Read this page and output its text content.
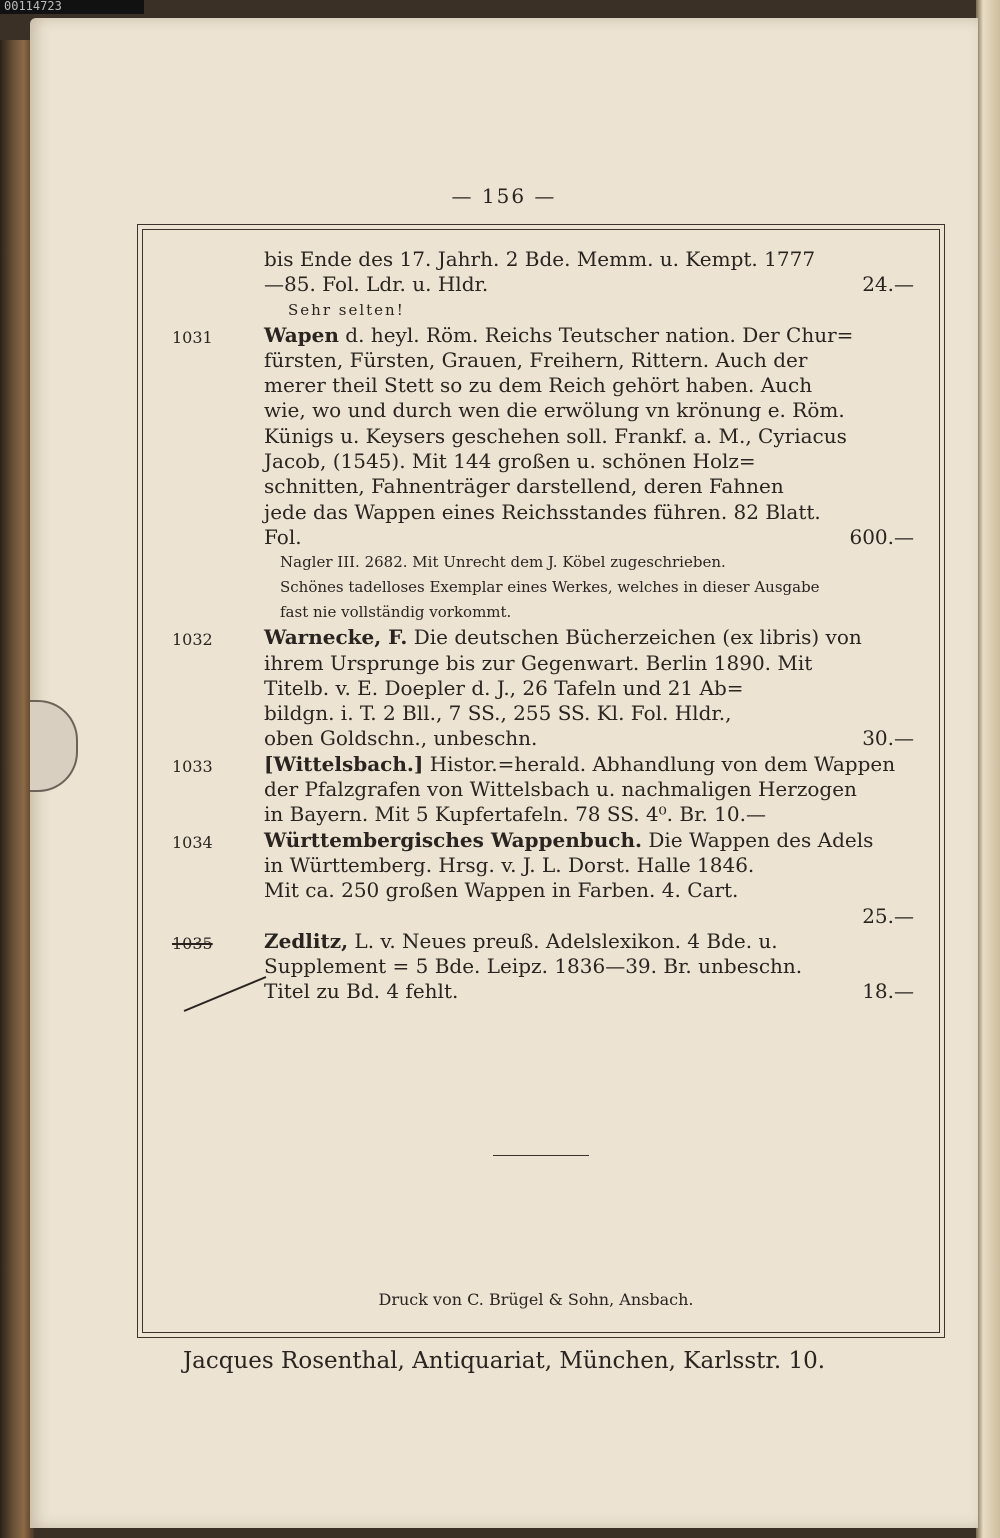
00114723
— 156 —
bis Ende des 17. Jahrh. 2 Bde. Memm. u. Kempt. 1777
—85. Fol. Ldr. u. Hldr.	24.—
Sehr selten!
1031	Wapen d. heyl. Röm. Reichs Teutscher nation. Der Chur=
fürsten, Fürsten, Grauen, Freihern, Rittern. Auch der
merer theil Stett so zu dem Reich gehört haben. Auch
wie, wo und durch wen die erwölung vn krönung e. Röm.
Künigs u. Keysers geschehen soll. Frankf. a. M., Cyriacus
Jacob, (1545). Mit 144 großen u. schönen Holz=
schnitten, Fahnenträger darstellend, deren Fahnen
jede das Wappen eines Reichsstandes führen. 82 Blatt.
Fol.	600.—
Nagler III. 2682. Mit Unrecht dem J. Köbel zugeschrieben.
Schönes tadelloses Exemplar eines Werkes, welches in dieser Ausgabe
fast nie vollständig vorkommt.
1032	Warnecke, F. Die deutschen Bücherzeichen (ex libris) von
ihrem Ursprunge bis zur Gegenwart. Berlin 1890. Mit
Titelb. v. E. Doepler d. J., 26 Tafeln und 21 Ab=
bildgn. i. T. 2 Bll., 7 SS., 255 SS. Kl. Fol. Hldr.,
oben Goldschn., unbeschn.	30.—
1033	[Wittelsbach.] Histor.=herald. Abhandlung von dem Wappen
der Pfalzgrafen von Wittelsbach u. nachmaligen Herzogen
in Bayern. Mit 5 Kupfertafeln. 78 SS. 4⁰. Br. 10.—
1034	Württembergisches Wappenbuch. Die Wappen des Adels
in Württemberg. Hrsg. v. J. L. Dorst. Halle 1846.
Mit ca. 250 großen Wappen in Farben. 4. Cart.
25.—
1035	Zedlitz, L. v. Neues preuß. Adelslexikon. 4 Bde. u.
Supplement = 5 Bde. Leipz. 1836—39. Br. unbeschn.
Titel zu Bd. 4 fehlt.	18.—
Druck von C. Brügel & Sohn, Ansbach.
Jacques Rosenthal, Antiquariat, München, Karlsstr. 10.
